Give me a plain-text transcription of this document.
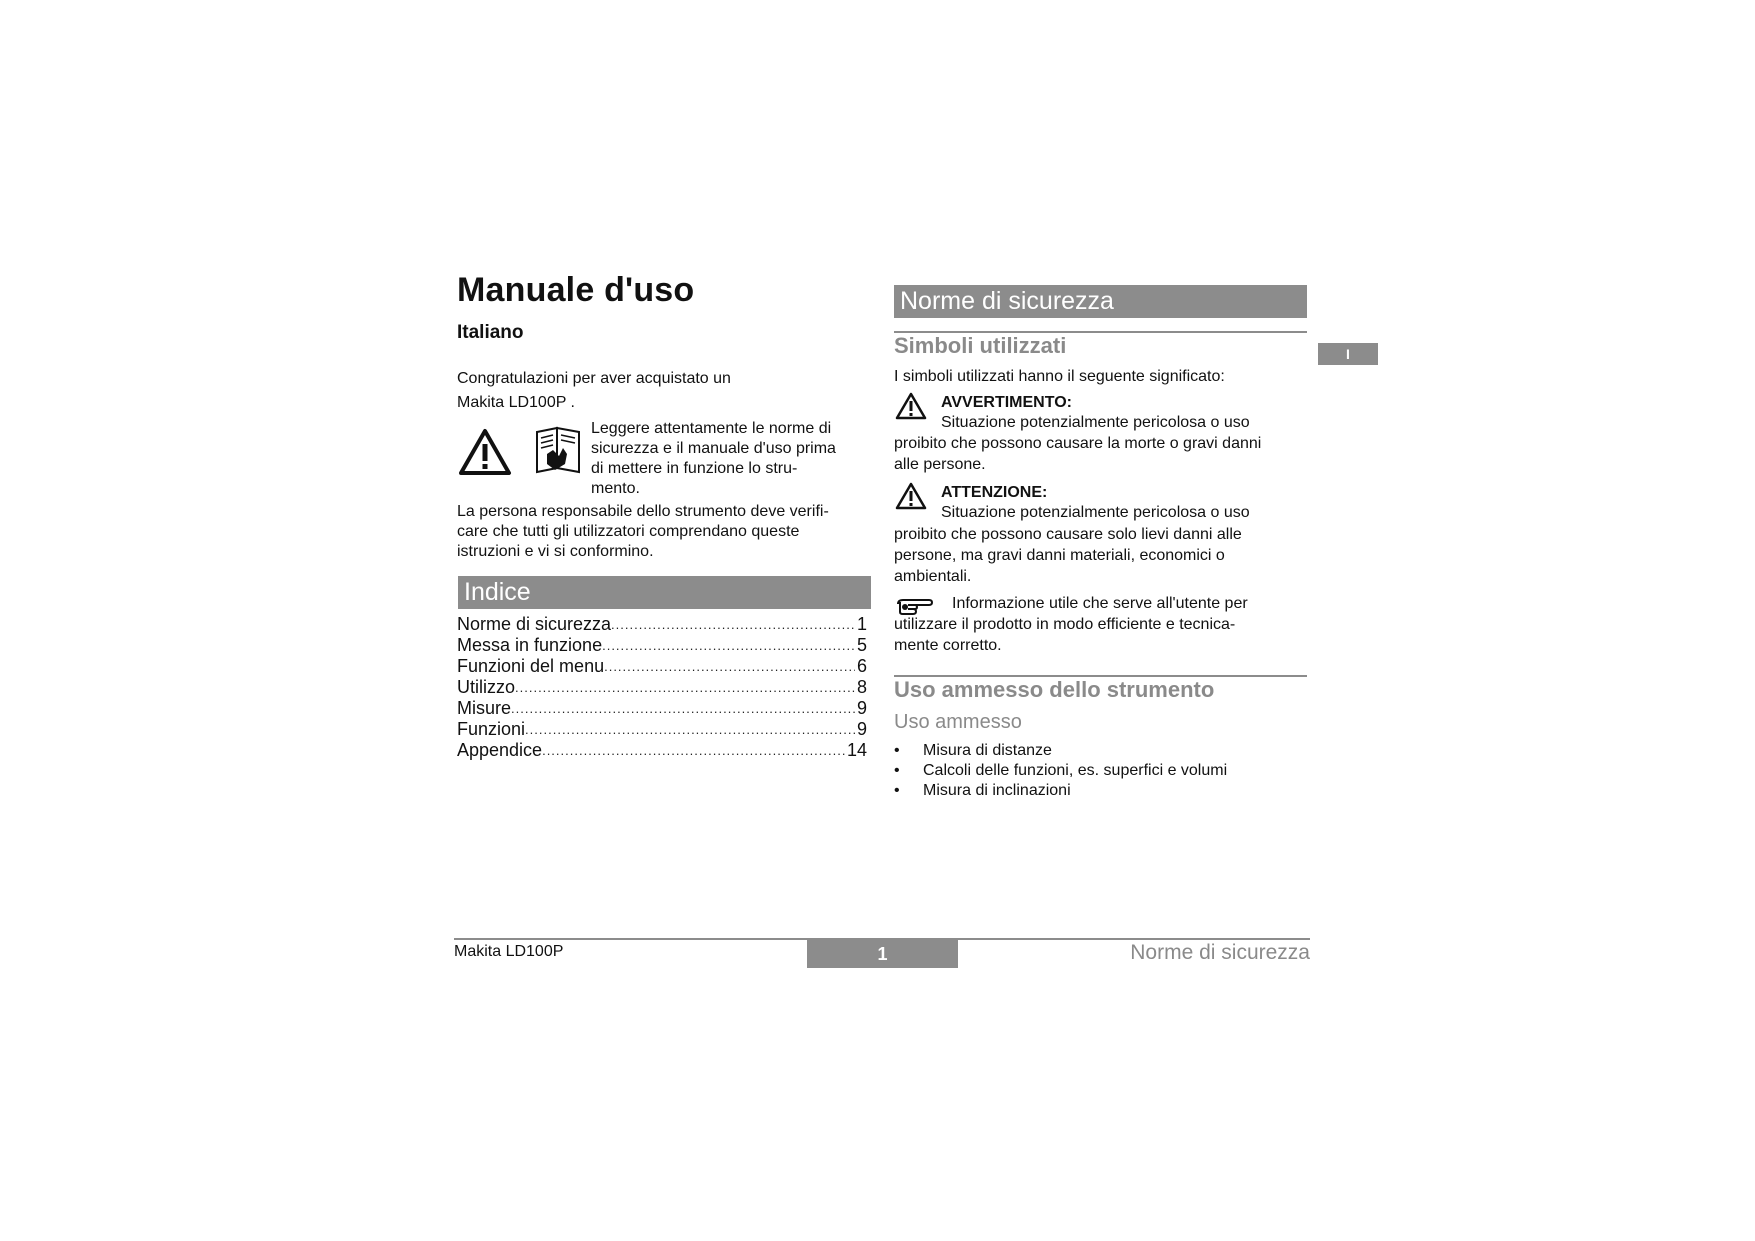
Manuale d'uso
Italiano
Congratulazioni per aver acquistato un
Makita LD100P .
Leggere attentamente le norme di
sicurezza e il manuale d'uso prima
di mettere in funzione lo stru-
mento.
La persona responsabile dello strumento deve verifi-
care che tutti gli utilizzatori comprendano queste
istruzioni e vi si conformino.
Indice
Norme di sicurezza .....	1
Messa in funzione .....	5
Funzioni del menu .....	6
Utilizzo .....	8
Misure .....	9
Funzioni .....	9
Appendice .....	14
Norme di sicurezza
Simboli utilizzati	I
I simboli utilizzati hanno il seguente significato:
AVVERTIMENTO:
Situazione potenzialmente pericolosa o uso
proibito che possono causare la morte o gravi danni
alle persone.
ATTENZIONE:
Situazione potenzialmente pericolosa o uso
proibito che possono causare solo lievi danni alle
persone, ma gravi danni materiali, economici o
ambientali.
Informazione utile che serve all'utente per
utilizzare il prodotto in modo efficiente e tecnica-
mente corretto.
Uso ammesso dello strumento
Uso ammesso
•	Misura di distanze
•	Calcoli delle funzioni, es. superfici e volumi
•	Misura di inclinazioni
Makita LD100P	1	Norme di sicurezza
